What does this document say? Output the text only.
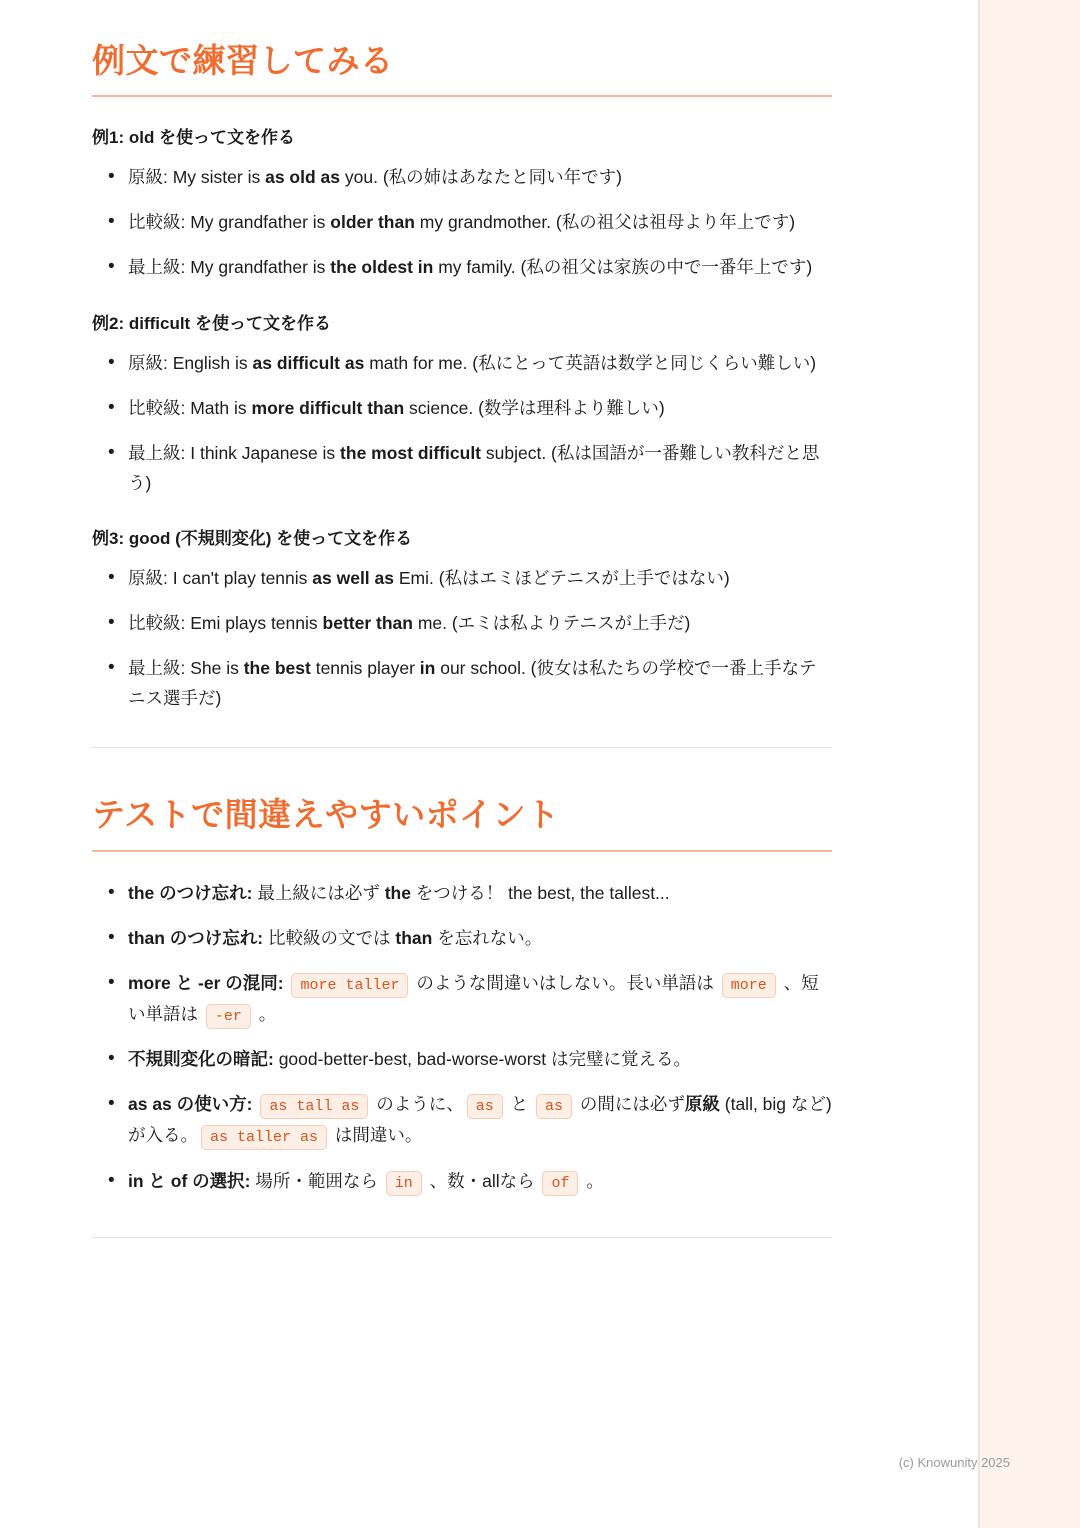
例文で練習してみる
例1: old を使って文を作る
• 原級: My sister is as old as you. (私の姉はあなたと同い年です)
• 比較級: My grandfather is older than my grandmother. (私の祖父は祖母より年上です)
• 最上級: My grandfather is the oldest in my family. (私の祖父は家族の中で一番年上です)
例2: difficult を使って文を作る
• 原級: English is as difficult as math for me. (私にとって英語は数学と同じくらい難しい)
• 比較級: Math is more difficult than science. (数学は理科より難しい)
• 最上級: I think Japanese is the most difficult subject. (私は国語が一番難しい教科だと思う)
例3: good (不規則変化) を使って文を作る
• 原級: I can't play tennis as well as Emi. (私はエミほどテニスが上手ではない)
• 比較級: Emi plays tennis better than me. (エミは私よりテニスが上手だ)
• 最上級: She is the best tennis player in our school. (彼女は私たちの学校で一番上手なテニス選手だ)
テストで間違えやすいポイント
• the のつけ忘れ: 最上級には必ず the をつける！ the best, the tallest...
• than のつけ忘れ: 比較級の文では than を忘れない。
• more と -er の混同: more taller のような間違いはしない。長い単語は more 、短い単語は -er 。
• 不規則変化の暗記: good-better-best, bad-worse-worst は完璧に覚える。
• as as の使い方: as tall as のように、 as と as の間には必ず原級 (tall, big など) が入る。 as taller as は間違い。
• in と of の選択: 場所・範囲なら in 、数・allなら of 。
(c) Knowunity 2025
